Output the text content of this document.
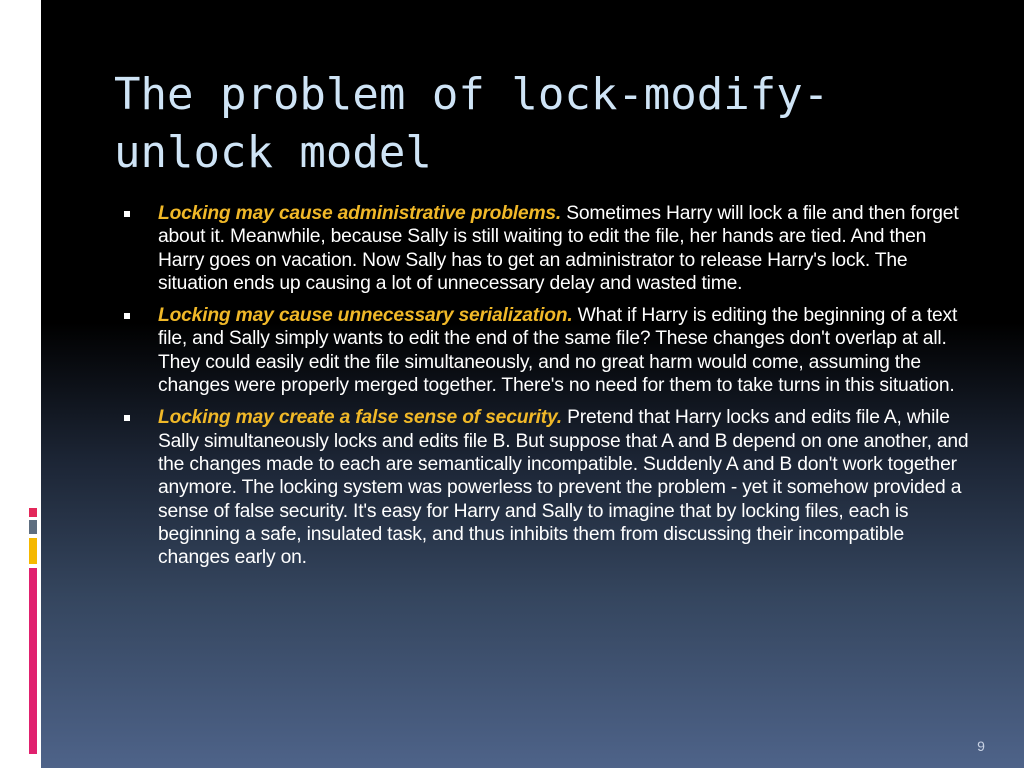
The problem of lock-modify-
unlock model
Locking may cause administrative problems. Sometimes Harry will lock a file and then forget about it. Meanwhile, because Sally is still waiting to edit the file, her hands are tied. And then Harry goes on vacation. Now Sally has to get an administrator to release Harry's lock. The situation ends up causing a lot of unnecessary delay and wasted time.
Locking may cause unnecessary serialization. What if Harry is editing the beginning of a text file, and Sally simply wants to edit the end of the same file? These changes don't overlap at all. They could easily edit the file simultaneously, and no great harm would come, assuming the changes were properly merged together. There's no need for them to take turns in this situation.
Locking may create a false sense of security. Pretend that Harry locks and edits file A, while Sally simultaneously locks and edits file B. But suppose that A and B depend on one another, and the changes made to each are semantically incompatible. Suddenly A and B don't work together anymore. The locking system was powerless to prevent the problem - yet it somehow provided a sense of false security. It's easy for Harry and Sally to imagine that by locking files, each is beginning a safe, insulated task, and thus inhibits them from discussing their incompatible changes early on.
9
